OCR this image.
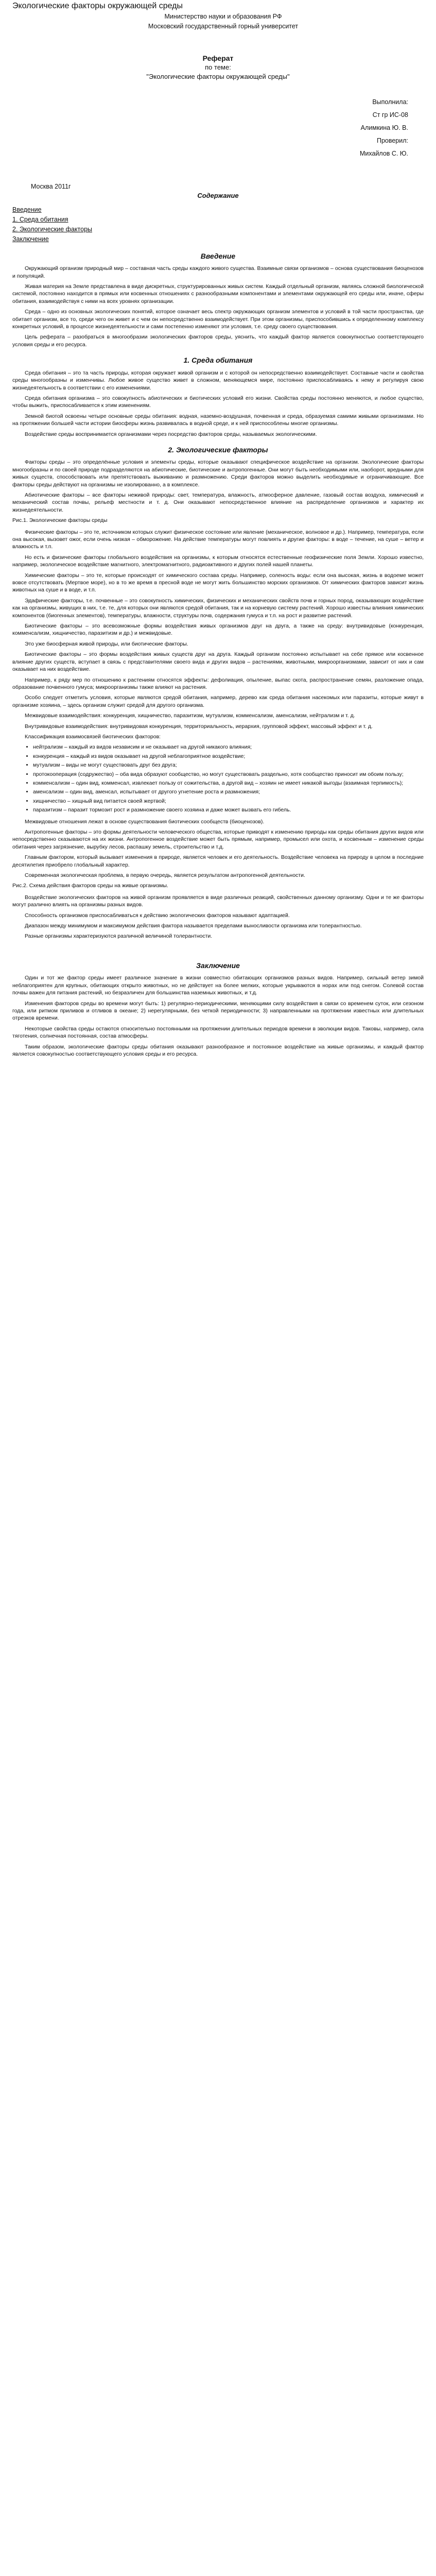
Экологические факторы окружающей среды
Министерство науки и образования РФ
Московский государственный горный университет
Реферат
по теме:
"Экологические факторы окружающей среды"
Выполнила:
Ст гр ИС-08
Алимкина Ю. В.
Проверил:
Михайлов С. Ю.
Москва 2011г
Содержание
Введение
1. Среда обитания
2. Экологические факторы
Заключение
Введение

Окружающий организм природный мир – составная часть среды каждого живого существа. Взаимные связи организмов – основа существования биоценозов и популяций.

Живая материя на Земле представлена в виде дискретных, структурированных живых систем. Каждый отдельный организм, являясь сложной биологической системой, постоянно находится в прямых или косвенных отношениях с разнообразными компонентами и элементами окружающей его среды или, иначе, сферы обитания, взаимодействуя с ними на всех уровнях организации.

Среда – одно из основных экологических понятий, которое означает весь спектр окружающих организм элементов и условий в той части пространства, где обитает организм, все то, среди чего он живет и с чем он непосредственно взаимодействует. При этом организмы, приспособившись к определенному комплексу конкретных условий, в процессе жизнедеятельности и сами постепенно изменяют эти условия, т.е. среду своего существования.

Цель реферата – разобраться в многообразии экологических факторов среды, уяснить, что каждый фактор является совокупностью соответствующего условия среды и его ресурса.

1. Среда обитания

Среда обитания – это та часть природы, которая окружает живой организм и с которой он непосредственно взаимодействует. Составные части и свойства среды многообразны и изменчивы. Любое живое существо живет в сложном, меняющемся мире, постоянно приспосабливаясь к нему и регулируя свою жизнедеятельность в соответствии с его изменениями.

Среда обитания организма – это совокупность абиотических и биотических условий его жизни. Свойства среды постоянно меняются, и любое существо, чтобы выжить, приспосабливается к этим изменениям.

Земной биотой освоены четыре основные среды обитания: водная, наземно-воздушная, почвенная и среда, образуемая самими живыми организмами. Но на протяжении большей части истории биосферы жизнь развивалась в водной среде, и к ней приспособлены многие организмы.

Воздействие среды воспринимается организмами через посредство факторов среды, называемых экологическими.

2. Экологические факторы

Факторы среды – это определённые условия и элементы среды, которые оказывают специфическое воздействие на организм. Экологические факторы многообразны и по своей природе подразделяются на абиотические, биотические и антропогенные. Они могут быть необходимыми или, наоборот, вредными для живых существ, способствовать или препятствовать выживанию и размножению. Среди факторов можно выделить необходимые и ограничивающие. Все факторы среды действуют на организмы не изолированно, а в комплексе.

Абиотические факторы – все факторы неживой природы: свет, температура, влажность, атмосферное давление, газовый состав воздуха, химический и механический состав почвы, рельеф местности и т. д. Они оказывают непосредственное влияние на распределение организмов и характер их жизнедеятельности.

Рис.1. Экологические факторы среды

Физические факторы – это те, источником которых служит физическое состояние или явление (механическое, волновое и др.). Например, температура, если она высокая, вызовет ожог, если очень низкая – обморожение. На действие температуры могут повлиять и другие факторы: в воде – течение, на суше – ветер и влажность и т.п.

Но есть и физические факторы глобального воздействия на организмы, к которым относятся естественные геофизические поля Земли. Хорошо известно, например, экологическое воздействие магнитного, электромагнитного, радиоактивного и других полей нашей планеты.

Химические факторы – это те, которые происходят от химического состава среды. Например, соленость воды: если она высокая, жизнь в водоеме может вовсе отсутствовать (Мертвое море), но в то же время в пресной воде не могут жить большинство морских организмов. От химических факторов зависит жизнь животных на суше и в воде, и т.п.

Эдафические факторы, т.е. почвенные – это совокупность химических, физических и механических свойств почв и горных пород, оказывающих воздействие как на организмы, живущих в них, т.е. те, для которых они являются средой обитания, так и на корневую систему растений. Хорошо известны влияния химических компонентов (биогенных элементов), температуры, влажности, структуры почв, содержания гумуса и т.п. на рост и развитие растений.

Биотические факторы – это всевозможные формы воздействия живых организмов друг на друга, а также на среду: внутривидовые (конкуренция, комменсализм, хищничество, паразитизм и др.) и межвидовые.

Это уже биосферная живой природы, или биотические факторы.

Биотические факторы – это формы воздействия живых существ друг на друга. Каждый организм постоянно испытывает на себе прямое или косвенное влияние других существ, вступает в связь с представителями своего вида и других видов – растениями, животными, микроорганизмами, зависит от них и сам оказывает на них воздействие.

Например, к ряду мер по отношению к растениям относятся эффекты: дефолиация, опыление, выпас скота, распространение семян, разложение опада, образование почвенного гумуса; микроорганизмы также влияют на растения.

Особо следует отметить условия, которые являются средой обитания, например, дерево как среда обитания насекомых или паразиты, которые живут в организме хозяина, – здесь организм служит средой для другого организма.

Межвидовые взаимодействия: конкуренция, хищничество, паразитизм, мутуализм, комменсализм, аменсализм, нейтрализм и т. д.

Внутривидовые взаимодействия: внутривидовая конкуренция, территориальность, иерархия, групповой эффект, массовый эффект и т. д.

Классификация взаимосвязей биотических факторов:

• нейтрализм – каждый из видов независим и не оказывает на другой никакого влияния;
• конкуренция – каждый из видов оказывает на другой неблагоприятное воздействие;
• мутуализм – виды не могут существовать друг без друга;
• протокооперация (содружество) – оба вида образуют сообщество, но могут существовать раздельно, хотя сообщество приносит им обоим пользу;
• комменсализм – один вид, комменсал, извлекает пользу от сожительства, а другой вид – хозяин не имеет никакой выгоды (взаимная терпимость);
• аменсализм – один вид, аменсал, испытывает от другого угнетение роста и размножения;
• хищничество – хищный вид питается своей жертвой;
• паразитизм – паразит тормозит рост и размножение своего хозяина и даже может вызвать его гибель.

Межвидовые отношения лежат в основе существования биотических сообществ (биоценозов).

Антропогенные факторы – это формы деятельности человеческого общества, которые приводят к изменению природы как среды обитания других видов или непосредственно сказываются на их жизни. Антропогенное воздействие может быть прямым, например, промысел или охота, и косвенным – изменение среды обитания через загрязнение, вырубку лесов, распашку земель, строительство и т.д.

Главным фактором, который вызывает изменения в природе, является человек и его деятельность. Воздействие человека на природу в целом в последние десятилетия приобрело глобальный характер.

Современная экологическая проблема, в первую очередь, является результатом антропогенной деятельности.

Рис.2. Схема действия факторов среды на живые организмы.

Воздействие экологических факторов на живой организм проявляется в виде различных реакций, свойственных данному организму. Одни и те же факторы могут различно влиять на организмы разных видов.

Способность организмов приспосабливаться к действию экологических факторов называют адаптацией.

Диапазон между минимумом и максимумом действия фактора называется пределами выносливости организма или толерантностью.

Разные организмы характеризуются различной величиной толерантности.

Заключение

Один и тот же фактор среды имеет различное значение в жизни совместно обитающих организмов разных видов. Например, сильный ветер зимой неблагоприятен для крупных, обитающих открыто животных, но не действует на более мелких, которые укрываются в норах или под снегом. Солевой состав почвы важен для питания растений, но безразличен для большинства наземных животных, и т.д.

Изменения факторов среды во времени могут быть: 1) регулярно-периодическими, меняющими силу воздействия в связи со временем суток, или сезоном года, или ритмом приливов и отливов в океане; 2) нерегулярными, без четкой периодичности; 3) направленными на протяжении известных или длительных отрезков времени.

Некоторые свойства среды остаются относительно постоянными на протяжении длительных периодов времени в эволюции видов. Таковы, например, сила тяготения, солнечная постоянная, состав атмосферы.

Таким образом, экологические факторы среды обитания оказывают разнообразное и постоянное воздействие на живые организмы, и каждый фактор является совокупностью соответствующего условия среды и его ресурса.
